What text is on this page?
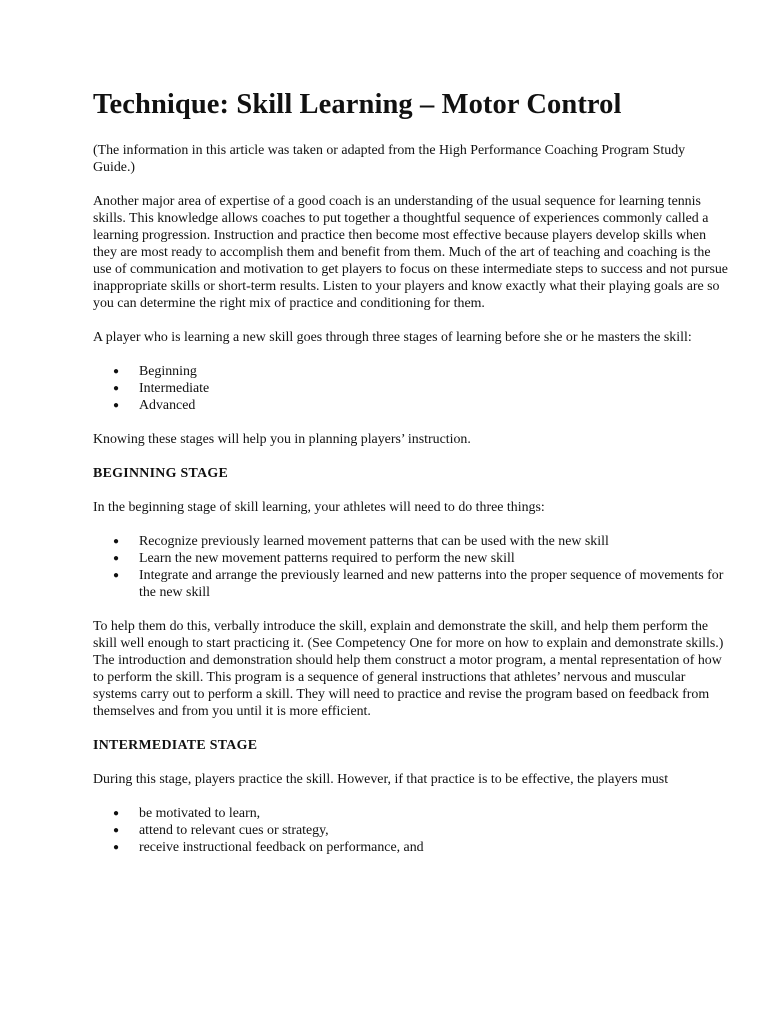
Technique: Skill Learning – Motor Control

(The information in this article was taken or adapted from the High Performance Coaching Program Study Guide.)

Another major area of expertise of a good coach is an understanding of the usual sequence for learning tennis skills. This knowledge allows coaches to put together a thoughtful sequence of experiences commonly called a learning progression. Instruction and practice then become most effective because players develop skills when they are most ready to accomplish them and benefit from them. Much of the art of teaching and coaching is the use of communication and motivation to get players to focus on these intermediate steps to success and not pursue inappropriate skills or short-term results. Listen to your players and know exactly what their playing goals are so you can determine the right mix of practice and conditioning for them.

A player who is learning a new skill goes through three stages of learning before she or he masters the skill:

● Beginning
● Intermediate
● Advanced

Knowing these stages will help you in planning players’ instruction.

BEGINNING STAGE

In the beginning stage of skill learning, your athletes will need to do three things:

● Recognize previously learned movement patterns that can be used with the new skill
● Learn the new movement patterns required to perform the new skill
● Integrate and arrange the previously learned and new patterns into the proper sequence of movements for the new skill

To help them do this, verbally introduce the skill, explain and demonstrate the skill, and help them perform the skill well enough to start practicing it. (See Competency One for more on how to explain and demonstrate skills.) The introduction and demonstration should help them construct a motor program, a mental representation of how to perform the skill. This program is a sequence of general instructions that athletes’ nervous and muscular systems carry out to perform a skill. They will need to practice and revise the program based on feedback from themselves and from you until it is more efficient.

INTERMEDIATE STAGE

During this stage, players practice the skill. However, if that practice is to be effective, the players must

● be motivated to learn,
● attend to relevant cues or strategy,
● receive instructional feedback on performance, and
